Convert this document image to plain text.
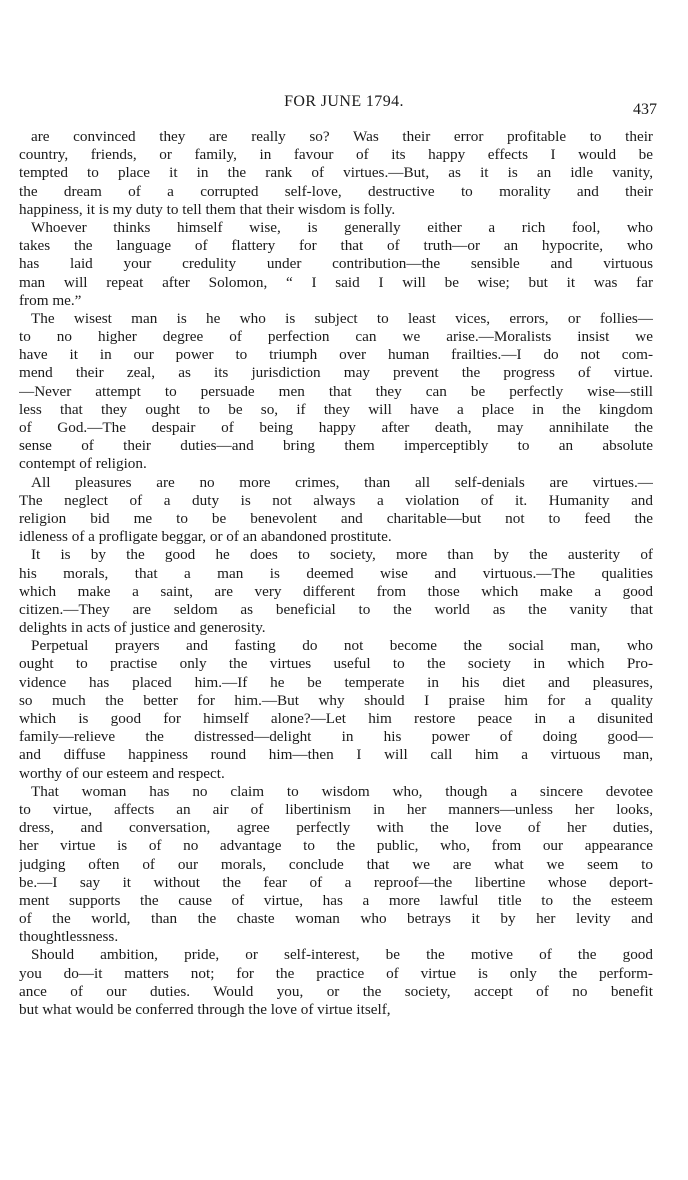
FOR JUNE 1794.	437
are convinced they are really so? Was their error profitable to their
country, friends, or family, in favour of its happy effects I would be
tempted to place it in the rank of virtues.—But, as it is an idle vanity,
the dream of a corrupted self-love, destructive to morality and their
happiness, it is my duty to tell them that their wisdom is folly.
Whoever thinks himself wise, is generally either a rich fool, who
takes the language of flattery for that of truth—or an hypocrite, who
has laid your credulity under contribution—the sensible and virtuous
man will repeat after Solomon, “ I said I will be wise; but it was far
from me.”
The wisest man is he who is subject to least vices, errors, or follies—
to no higher degree of perfection can we arise.—Moralists insist we
have it in our power to triumph over human frailties.—I do not com-
mend their zeal, as its jurisdiction may prevent the progress of virtue.
—Never attempt to persuade men that they can be perfectly wise—still
less that they ought to be so, if they will have a place in the kingdom
of God.—The despair of being happy after death, may annihilate the
sense of their duties—and bring them imperceptibly to an absolute
contempt of religion.
All pleasures are no more crimes, than all self-denials are virtues.—
The neglect of a duty is not always a violation of it. Humanity and
religion bid me to be benevolent and charitable—but not to feed the
idleness of a profligate beggar, or of an abandoned prostitute.
It is by the good he does to society, more than by the austerity of
his morals, that a man is deemed wise and virtuous.—The qualities
which make a saint, are very different from those which make a good
citizen.—They are seldom as beneficial to the world as the vanity that
delights in acts of justice and generosity.
Perpetual prayers and fasting do not become the social man, who
ought to practise only the virtues useful to the society in which Pro-
vidence has placed him.—If he be temperate in his diet and pleasures,
so much the better for him.—But why should I praise him for a quality
which is good for himself alone?—Let him restore peace in a disunited
family—relieve the distressed—delight in his power of doing good—
and diffuse happiness round him—then I will call him a virtuous man,
worthy of our esteem and respect.
That woman has no claim to wisdom who, though a sincere devotee
to virtue, affects an air of libertinism in her manners—unless her looks,
dress, and conversation, agree perfectly with the love of her duties,
her virtue is of no advantage to the public, who, from our appearance
judging often of our morals, conclude that we are what we seem to
be.—I say it without the fear of a reproof—the libertine whose deport-
ment supports the cause of virtue, has a more lawful title to the esteem
of the world, than the chaste woman who betrays it by her levity and
thoughtlessness.
Should ambition, pride, or self-interest, be the motive of the good
you do—it matters not; for the practice of virtue is only the perform-
ance of our duties. Would you, or the society, accept of no benefit
but what would be conferred through the love of virtue itself,
